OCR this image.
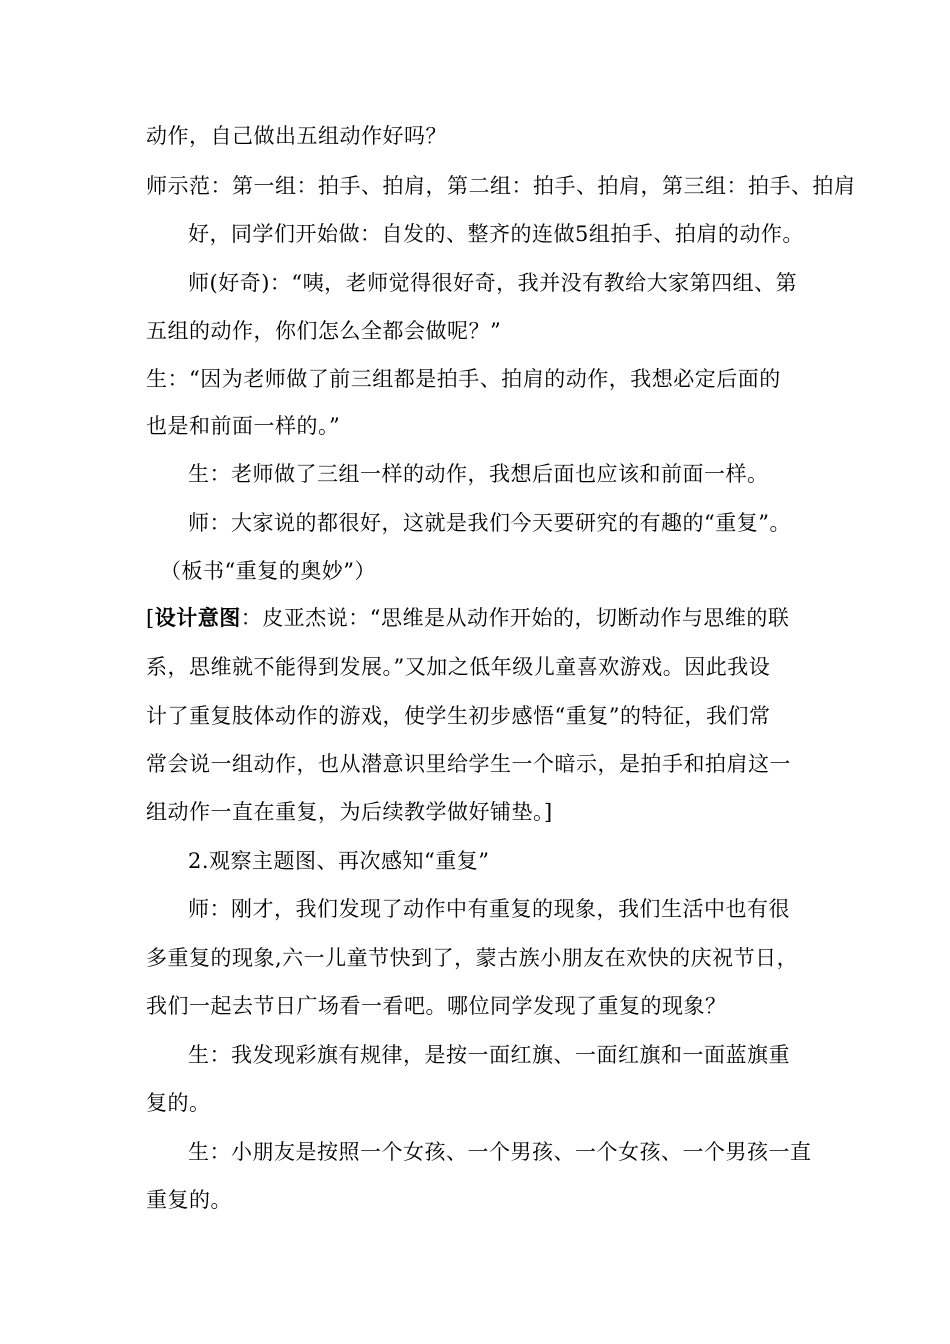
动作，自己做出五组动作好吗？
师示范：第一组：拍手、拍肩，第二组：拍手、拍肩，第三组：拍手、拍肩
好，同学们开始做：自发的、整齐的连做5组拍手、拍肩的动作。
师(好奇)：“咦，老师觉得很好奇，我并没有教给大家第四组、第
五组的动作，你们怎么全都会做呢？”
生：“因为老师做了前三组都是拍手、拍肩的动作，我想必定后面的
也是和前面一样的。”
生：老师做了三组一样的动作，我想后面也应该和前面一样。
师：大家说的都很好，这就是我们今天要研究的有趣的“重复”。
（板书“重复的奥妙”）
[设计意图：皮亚杰说：“思维是从动作开始的，切断动作与思维的联
系，思维就不能得到发展。”又加之低年级儿童喜欢游戏。因此我设
计了重复肢体动作的游戏，使学生初步感悟“重复”的特征，我们常
常会说一组动作，也从潜意识里给学生一个暗示，是拍手和拍肩这一
组动作一直在重复，为后续教学做好铺垫。]
2.观察主题图、再次感知“重复”
师：刚才，我们发现了动作中有重复的现象，我们生活中也有很
多重复的现象,六一儿童节快到了，蒙古族小朋友在欢快的庆祝节日，
我们一起去节日广场看一看吧。哪位同学发现了重复的现象？
生：我发现彩旗有规律，是按一面红旗、一面红旗和一面蓝旗重
复的。
生：小朋友是按照一个女孩、一个男孩、一个女孩、一个男孩一直
重复的。
